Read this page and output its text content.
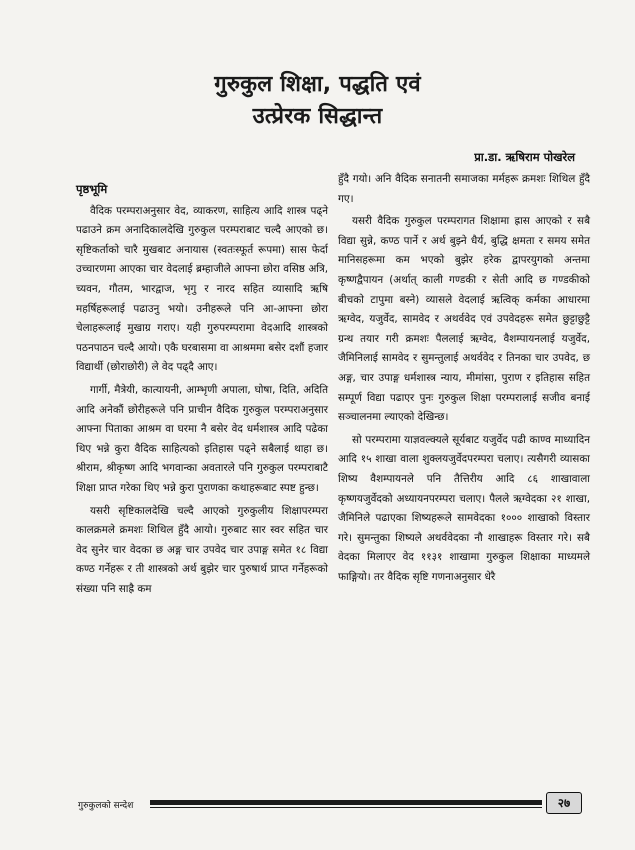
गुरुकुल शिक्षा, पद्धति एवं
उत्प्रेरक सिद्धान्त
प्रा.डा. ऋषिराम पोखरेल
पृष्ठभूमि

वैदिक परम्पराअनुसार वेद, व्याकरण, साहित्य आदि शास्त्र पढ्ने पढाउने क्रम अनादिकालदेखि गुरुकुल परम्पराबाट चल्दै आएको छ। सृष्टिकर्ताको चारै मुखबाट अनायास (स्वतःस्फूर्त रूपमा) सास फेर्दा उच्चारणमा आएका चार वेदलाई ब्रम्हाजीले आफ्ना छोरा वसिष्ठ अत्रि, च्यवन, गौतम, भारद्वाज, भृगु र नारद सहित व्यासादि ऋषि महर्षिहरूलाई पढाउनु भयो। उनीहरूले पनि आ-आफ्ना छोरा चेलाहरूलाई मुखाग्र गराए। यही गुरुपरम्परामा वेदआदि शास्त्रको पठनपाठन चल्दै आयो। एकै घरबासमा वा आश्रममा बसेर दशौं हजार विद्यार्थी (छोराछोरी) ले वेद पढ्दै आए।

गार्गी, मैत्रेयी, कात्यायनी, आम्भृणी अपाला, घोषा, दिति, अदिति आदि अनेकौं छोरीहरूले पनि प्राचीन वैदिक गुरुकुल परम्पराअनुसार आफ्ना पिताका आश्रम वा घरमा नै बसेर वेद धर्मशास्त्र आदि पढेका थिए भन्ने कुरा वैदिक साहित्यको इतिहास पढ्ने सबैलाई थाहा छ। श्रीराम, श्रीकृष्ण आदि भगवान्का अवतारले पनि गुरुकुल परम्पराबाटै शिक्षा प्राप्त गरेका थिए भन्ने कुरा पुराणका कथाहरूबाट स्पष्ट हुन्छ।

यसरी सृष्टिकालदेखि चल्दै आएको गुरुकुलीय शिक्षापरम्परा कालक्रमले क्रमशः शिथिल हुँदै आयो। गुरुबाट सार स्वर सहित चार वेद सुनेर चार वेदका छ अङ्ग चार उपवेद चार उपाङ्ग समेत १८ विद्या कण्ठ गर्नेहरू र ती शास्त्रको अर्थ बुझेर चार पुरुषार्थ प्राप्त गर्नेहरूको संख्या पनि साह्रै कम

हुँदै गयो। अनि वैदिक सनातनी समाजका मर्महरू क्रमशः शिथिल हुँदै गए।

यसरी वैदिक गुरुकुल परम्परागत शिक्षामा ह्रास आएको र सबै विद्या सुन्ने, कण्ठ पार्ने र अर्थ बुझ्ने धैर्य, बुद्धि क्षमता र समय समेत मानिसहरूमा कम भएको बुझेर हरेक द्वापरयुगको अन्तमा कृष्णद्वैपायन (अर्थात् काली गण्डकी र सेती आदि छ गण्डकीको बीचको टापुमा बस्ने) व्यासले वेदलाई ऋत्विक् कर्मका आधारमा ऋग्वेद, यजुर्वेद, सामवेद र अथर्ववेद एवं उपवेदहरू समेत छुट्टाछुट्टै ग्रन्थ तयार गरी क्रमशः पैललाई ऋग्वेद, वैशम्पायनलाई यजुर्वेद, जैमिनिलाई सामवेद र सुमन्तुलाई अथर्ववेद र तिनका चार उपवेद, छ अङ्ग, चार उपाङ्ग धर्मशास्त्र न्याय, मीमांसा, पुराण र इतिहास सहित सम्पूर्ण विद्या पढाएर पुनः गुरुकुल शिक्षा परम्परालाई सजीव बनाई सञ्चालनमा ल्याएको देखिन्छ।

सो परम्परामा याज्ञवल्क्यले सूर्यबाट यजुर्वेद पढी काण्व माध्यादिन आदि १५ शाखा वाला शुक्लयजुर्वेदपरम्परा चलाए। त्यसैगरी व्यासका शिष्य वैशम्पायनले पनि तैत्तिरीय आदि ८६ शाखावाला कृष्णयजुर्वेदको अध्यायनपरम्परा चलाए। पैलले ऋग्वेदका २१ शाखा, जैमिनिले पढाएका शिष्यहरूले सामवेदका १००० शाखाको विस्तार गरे। सुमन्तुका शिष्यले अथर्ववेदका नौ शाखाहरू विस्तार गरे। सबै वेदका मिलाएर वेद ११३१ शाखामा गुरुकुल शिक्षाका माध्यमले फाङ्गियो। तर वैदिक सृष्टि गणनाअनुसार धेरै

गुरुकुलको सन्देश	२७
